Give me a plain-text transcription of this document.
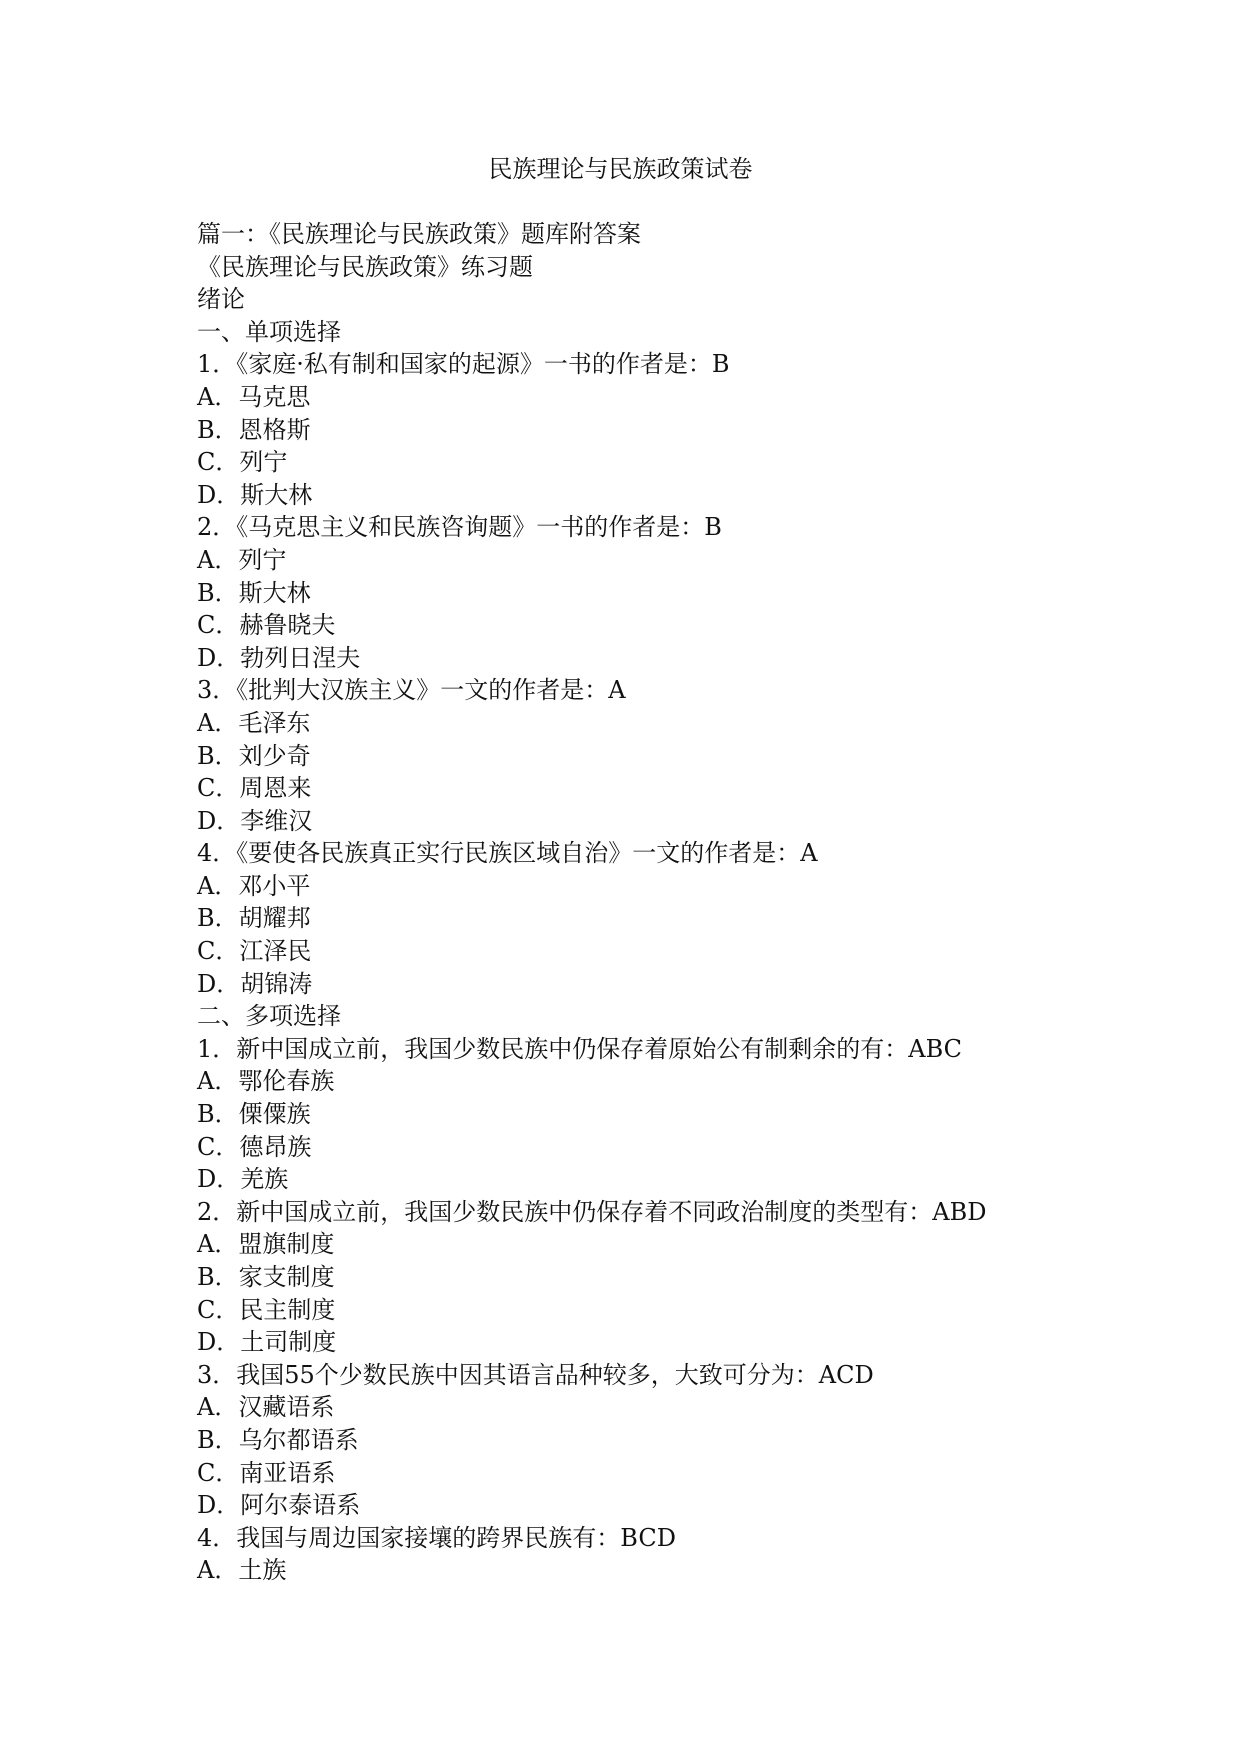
民族理论与民族政策试卷

篇一：《民族理论与民族政策》题库附答案

《民族理论与民族政策》练习题

绪论

一、单项选择

1．《家庭·私有制和国家的起源》一书的作者是：B

A．马克思

B．恩格斯

C．列宁

D．斯大林

2．《马克思主义和民族咨询题》一书的作者是：B

A．列宁

B．斯大林

C．赫鲁晓夫

D．勃列日涅夫

3．《批判大汉族主义》一文的作者是：A

A．毛泽东

B．刘少奇

C．周恩来

D．李维汉

4．《要使各民族真正实行民族区域自治》一文的作者是：A

A．邓小平

B．胡耀邦

C．江泽民

D．胡锦涛

二、多项选择

1．新中国成立前，我国少数民族中仍保存着原始公有制剩余的有：ABC

A．鄂伦春族

B．傈僳族

C．德昂族

D．羌族

2．新中国成立前，我国少数民族中仍保存着不同政治制度的类型有：ABD

A．盟旗制度

B．家支制度

C．民主制度

D．土司制度

3．我国55个少数民族中因其语言品种较多，大致可分为：ACD

A．汉藏语系

B．乌尔都语系

C．南亚语系

D．阿尔泰语系

4．我国与周边国家接壤的跨界民族有：BCD

A．土族
